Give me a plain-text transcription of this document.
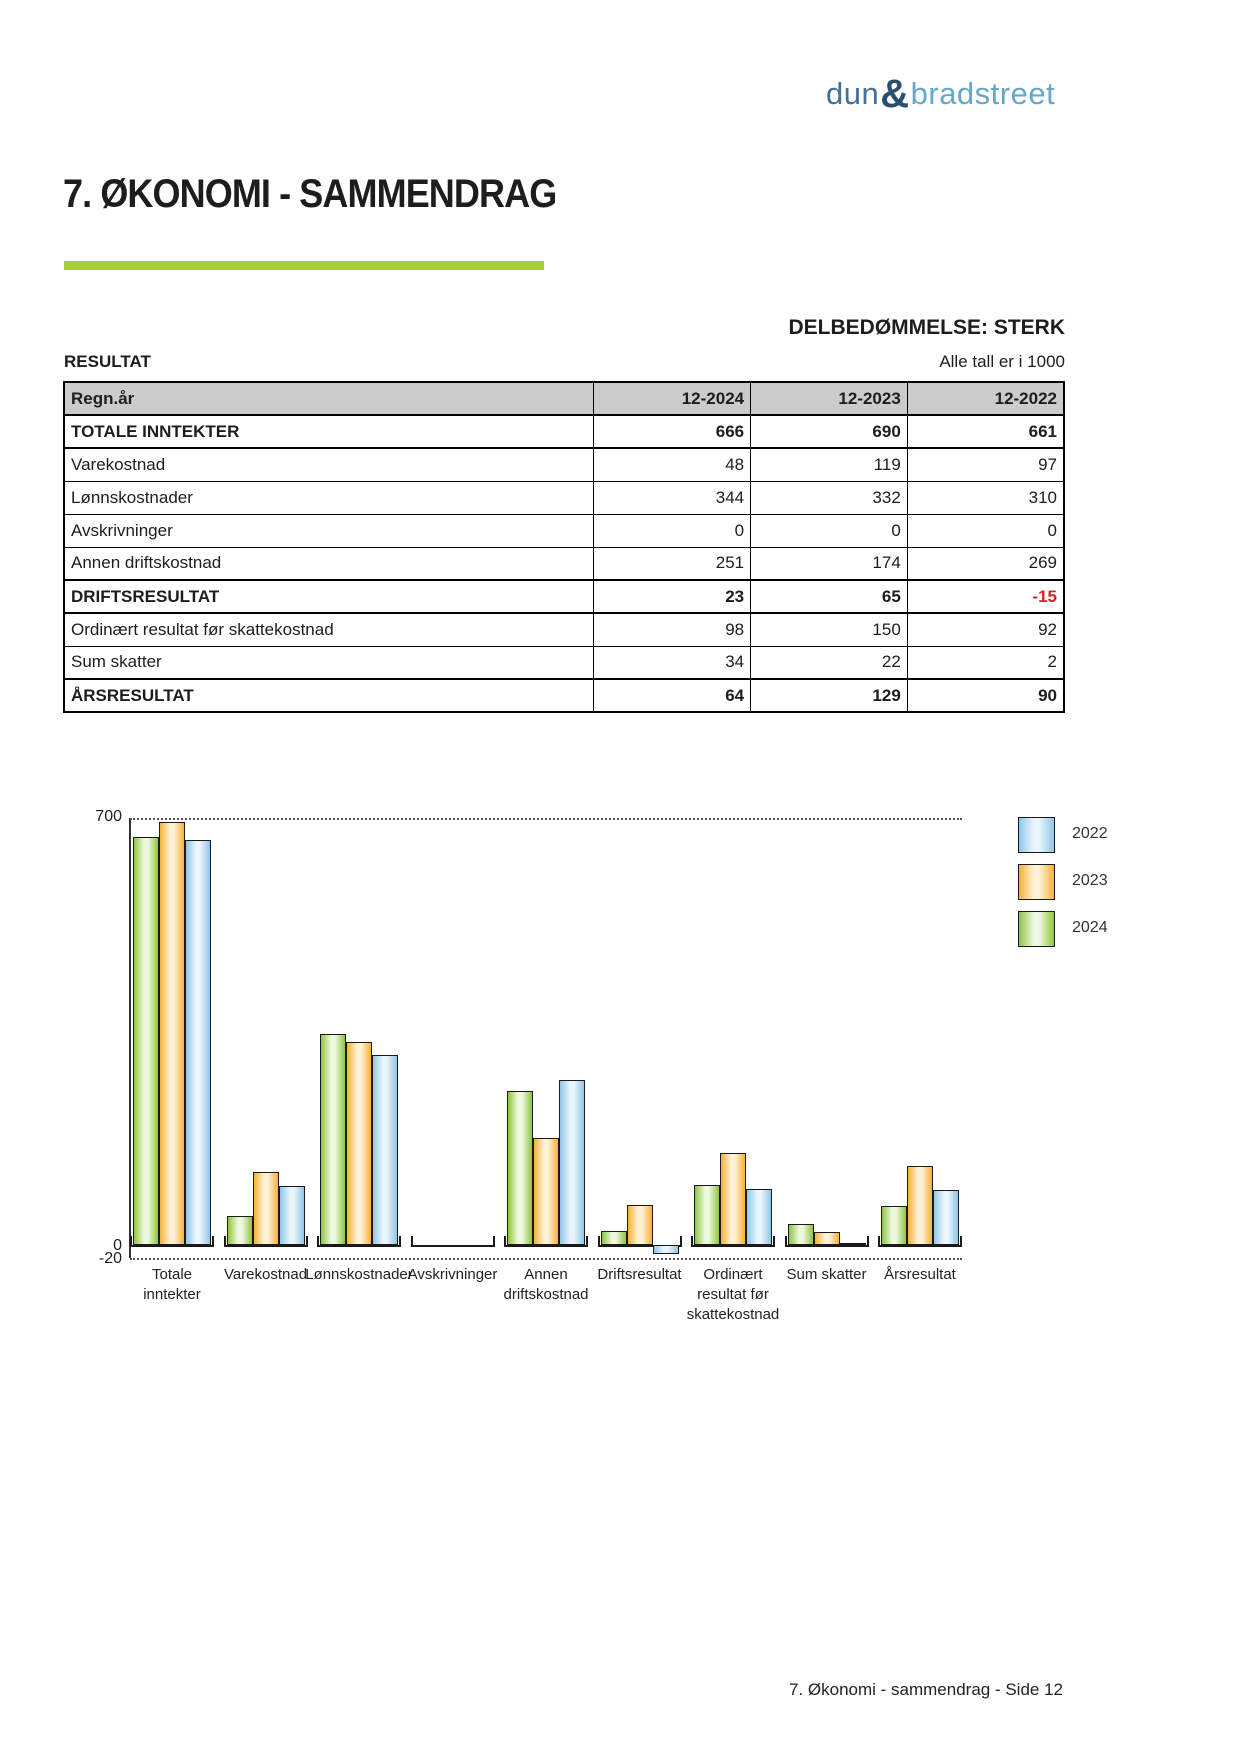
dun&bradstreet
7. ØKONOMI - SAMMENDRAG
DELBEDØMMELSE: STERK
RESULTAT	Alle tall er i 1000
Regn.år	12-2024	12-2023	12-2022
TOTALE INNTEKTER	666	690	661
Varekostnad	48	119	97
Lønnskostnader	344	332	310
Avskrivninger	0	0	0
Annen driftskostnad	251	174	269
DRIFTSRESULTAT	23	65	-15
Ordinært resultat før skattekostnad	98	150	92
Sum skatter	34	22	2
ÅRSRESULTAT	64	129	90
700
0
-20
Totale
inntekter
Varekostnad
Lønnskostnader
Avskrivninger	Annen
driftskostnad
Driftsresultat	Ordinært
resultat før
skattekostnad
Sum skatter Årsresultat
2022
2023
2024
7. Økonomi - sammendrag - Side 12
